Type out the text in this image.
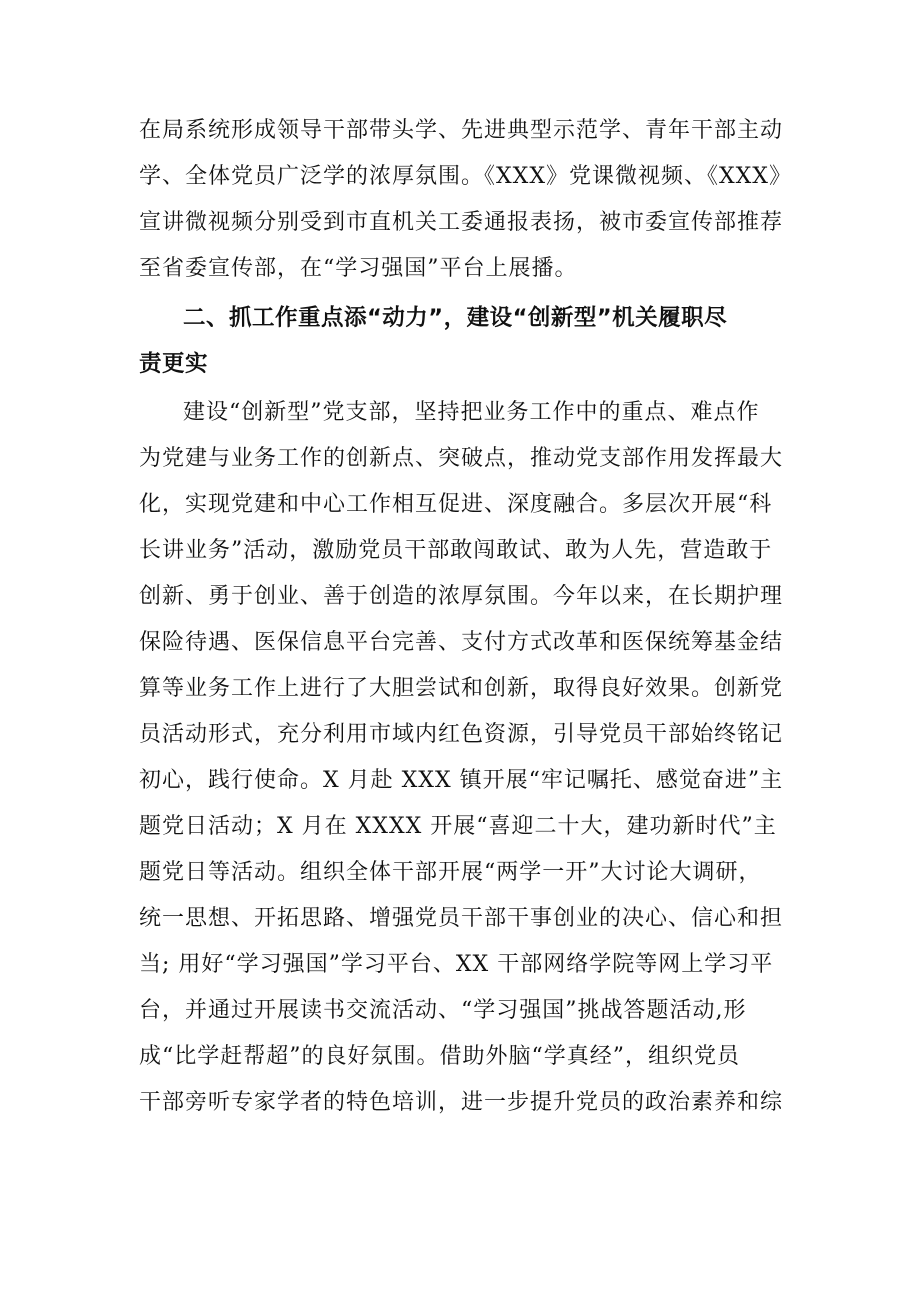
在局系统形成领导干部带头学、先进典型示范学、青年干部主动
学、全体党员广泛学的浓厚氛围。《XXX》党课微视频、《XXX》
宣讲微视频分别受到市直机关工委通报表扬，被市委宣传部推荐
至省委宣传部，在“学习强国”平台上展播。
二、抓工作重点添“动力”，建设“创新型”机关履职尽
责更实
建设“创新型”党支部，坚持把业务工作中的重点、难点作
为党建与业务工作的创新点、突破点，推动党支部作用发挥最大
化，实现党建和中心工作相互促进、深度融合。多层次开展“科
长讲业务”活动，激励党员干部敢闯敢试、敢为人先，营造敢于
创新、勇于创业、善于创造的浓厚氛围。今年以来，在长期护理
保险待遇、医保信息平台完善、支付方式改革和医保统筹基金结
算等业务工作上进行了大胆尝试和创新，取得良好效果。创新党
员活动形式，充分利用市域内红色资源，引导党员干部始终铭记
初心，践行使命。X 月赴 XXX 镇开展“牢记嘱托、感觉奋进”主
题党日活动；X 月在 XXXX 开展“喜迎二十大，建功新时代”主
题党日等活动。组织全体干部开展“两学一开”大讨论大调研，
统一思想、开拓思路、增强党员干部干事创业的决心、信心和担
当; 用好“学习强国”学习平台、XX 干部网络学院等网上学习平
台，并通过开展读书交流活动、“学习强国”挑战答题活动,形
成“比学赶帮超”的良好氛围。借助外脑“学真经”，组织党员
干部旁听专家学者的特色培训，进一步提升党员的政治素养和综
